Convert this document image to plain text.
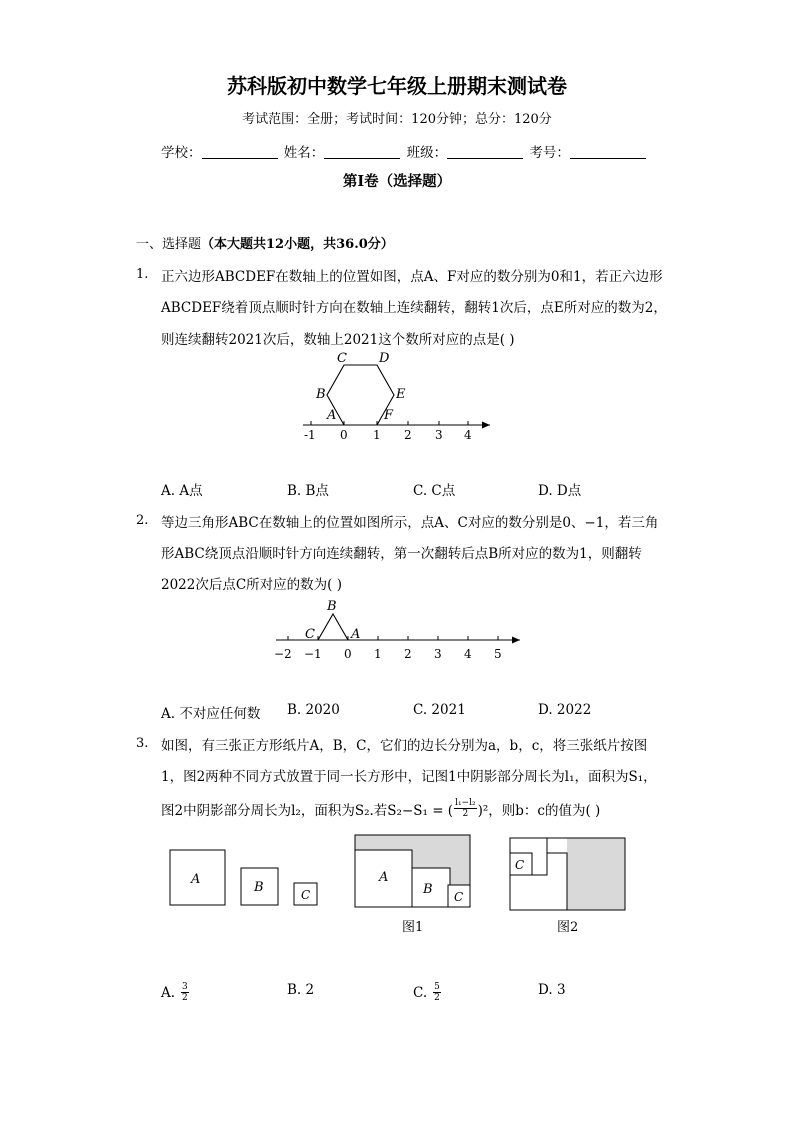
苏科版初中数学七年级上册期末测试卷
考试范围：全册；考试时间：120分钟；总分：120分
学校：	姓名：	班级：	考号：
第I卷（选择题）
一、选择题（本大题共12小题，共36.0分）
1. 正六边形ABCDEF在数轴上的位置如图，点A、F对应的数分别为0和1，若正六边形
ABCDEF绕着顶点顺时针方向在数轴上连续翻转，翻转1次后，点E所对应的数为2，
则连续翻转2021次后，数轴上2021这个数所对应的点是( )
C D
B	E
A	F
-1 0 1 2 3 4
A. A点	B. B点	C. C点	D. D点
2. 等边三角形ABC在数轴上的位置如图所示，点A、C对应的数分别是0、−1，若三角
形ABC绕顶点沿顺时针方向连续翻转，第一次翻转后点B所对应的数为1，则翻转
2022次后点C所对应的数为( )
B
C	A
−2 −1 0 1 2 3 4 5
A. 不对应任何数 B. 2020	C. 2021	D. 2022
3. 如图，有三张正方形纸片A，B，C，它们的边长分别为a，b，c，将三张纸片按图
1，图2两种不同方式放置于同一长方形中，记图1中阴影部分周长为l₁，面积为S₁，
图2中阴影部分周长为l₂，面积为S₂.若S₂−S₁ = ( $\frac{\text{l₁−l₂}}{2} )^2$，则b：c的值为( )
A
B	C
A
B C
图1
C
图2
A. $\frac{3}{2}$	B. 2	C. $\frac{5}{2}$	D. 3
